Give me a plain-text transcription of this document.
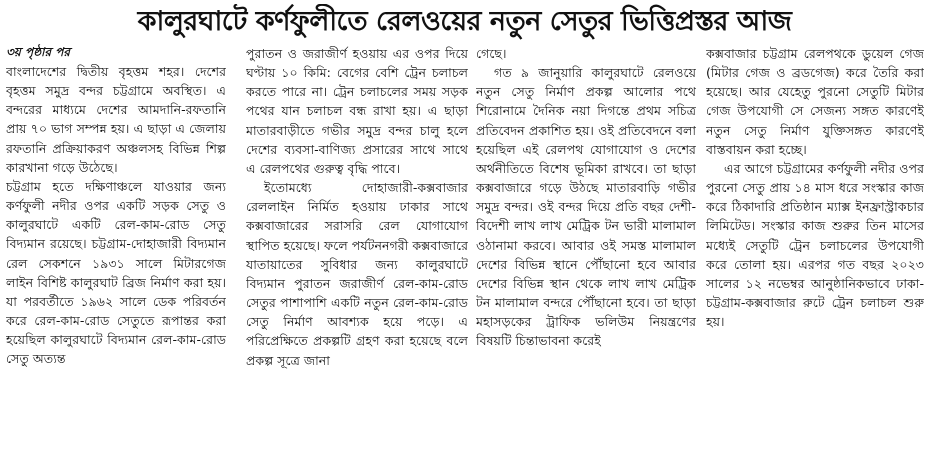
কালুরঘাটে কর্ণফুলীতে রেলওয়ের নতুন সেতুর ভিত্তিপ্রস্তর আজ
৩য় পৃষ্ঠার পর

বাংলাদেশের দ্বিতীয় বৃহত্তম শহর। দেশের বৃহত্তম সমুদ্র বন্দর চট্টগ্রামে অবস্থিত। এ বন্দরের মাধ্যমে দেশের আমদানি-রফতানি প্রায় ৭০ ভাগ সম্পন্ন হয়। এ ছাড়া এ জেলায় রফতানি প্রক্রিয়াকরণ অঞ্চলসহ বিভিন্ন শিল্প কারখানা গড়ে উঠেছে।

চট্টগ্রাম হতে দক্ষিণাঞ্চলে যাওয়ার জন্য কর্ণফুলী নদীর ওপর একটি সড়ক সেতু ও কালুরঘাটে একটি রেল-কাম-রোড সেতু বিদ্যমান রয়েছে। চট্টগ্রাম-দোহাজারী বিদ্যমান রেল সেকশনে ১৯৩১ সালে মিটারগেজ লাইন বিশিষ্ট কালুরঘাট ব্রিজ নির্মাণ করা হয়। যা পরবর্তীতে ১৯৬২ সালে ডেক পরিবর্তন করে রেল-কাম-রোড সেতুতে রূপান্তর করা হয়েছিল কালুরঘাটে বিদ্যমান রেল-কাম-রোড সেতু অত্যন্ত

পুরাতন ও জরাজীর্ণ হওয়ায় এর ওপর দিয়ে ঘণ্টায় ১০ কিমি: বেগের বেশি ট্রেন চলাচল করতে পারে না। ট্রেন চলাচলের সময় সড়ক পথের যান চলাচল বন্ধ রাখা হয়। এ ছাড়া মাতারবাড়ীতে গভীর সমুদ্র বন্দর চালু হলে দেশের ব্যবসা-বাণিজ্য প্রসারের সাথে সাথে এ রেলপথের গুরুত্ব বৃদ্ধি পাবে।

ইতোমধ্যে দোহাজারী-কক্সবাজার রেললাইন নির্মিত হওয়ায় ঢাকার সাথে কক্সবাজারের সরাসরি রেল যোগাযোগ স্থাপিত হয়েছে। ফলে পর্যটননগরী কক্সবাজারে যাতায়াতের সুবিধার জন্য কালুরঘাটে বিদ্যমান পুরাতন জরাজীর্ণ রেল-কাম-রোড সেতুর পাশাপাশি একটি নতুন রেল-কাম-রোড সেতু নির্মাণ আবশ্যক হয়ে পড়ে। এ পরিপ্রেক্ষিতে প্রকল্পটি গ্রহণ করা হয়েছে বলে প্রকল্প সূত্রে জানা

গেছে।

গত ৯ জানুয়ারি কালুরঘাটে রেলওয়ে নতুন সেতু নির্মাণ প্রকল্প আলোর পথে শিরোনামে দৈনিক নয়া দিগন্তে প্রথম সচিত্র প্রতিবেদন প্রকাশিত হয়। ওই প্রতিবেদনে বলা হয়েছিল এই রেলপথ যোগাযোগ ও দেশের অর্থনীতিতে বিশেষ ভূমিকা রাখবে। তা ছাড়া কক্সবাজারে গড়ে উঠছে মাতারবাড়ি গভীর সমুদ্র বন্দর। ওই বন্দর দিয়ে প্রতি বছর দেশী-বিদেশী লাখ লাখ মেট্রিক টন ভারী মালামাল ওঠানামা করবে। আবার ওই সমস্ত মালামাল দেশের বিভিন্ন স্থানে পৌঁছানো হবে আবার দেশের বিভিন্ন স্থান থেকে লাখ লাখ মেট্রিক টন মালামাল বন্দরে পৌঁছানো হবে। তা ছাড়া মহাসড়কের ট্রাফিক ভলিউম নিয়ন্ত্রণের বিষয়টি চিন্তাভাবনা করেই

কক্সবাজার চট্টগ্রাম রেলপথকে ডুয়েল গেজ (মিটার গেজ ও ব্রডগেজ) করে তৈরি করা হয়েছে। আর যেহেতু পুরনো সেতুটি মিটার গেজ উপযোগী সে সেজন্য সঙ্গত কারণেই নতুন সেতু নির্মাণ যুক্তিসঙ্গত কারণেই বাস্তবায়ন করা হচ্ছে।

এর আগে চট্টগ্রামের কর্ণফুলী নদীর ওপর পুরনো সেতু প্রায় ১৪ মাস ধরে সংস্কার কাজ করে ঠিকাদারি প্রতিষ্ঠান ম্যাক্স ইনফ্রাস্ট্রাকচার লিমিটেড। সংস্কার কাজ শুরুর তিন মাসের মধ্যেই সেতুটি ট্রেন চলাচলের উপযোগী করে তোলা হয়। এরপর গত বছর ২০২৩ সালের ১২ নভেম্বর আনুষ্ঠানিকভাবে ঢাকা-চট্টগ্রাম-কক্সবাজার রুটে ট্রেন চলাচল শুরু হয়।
